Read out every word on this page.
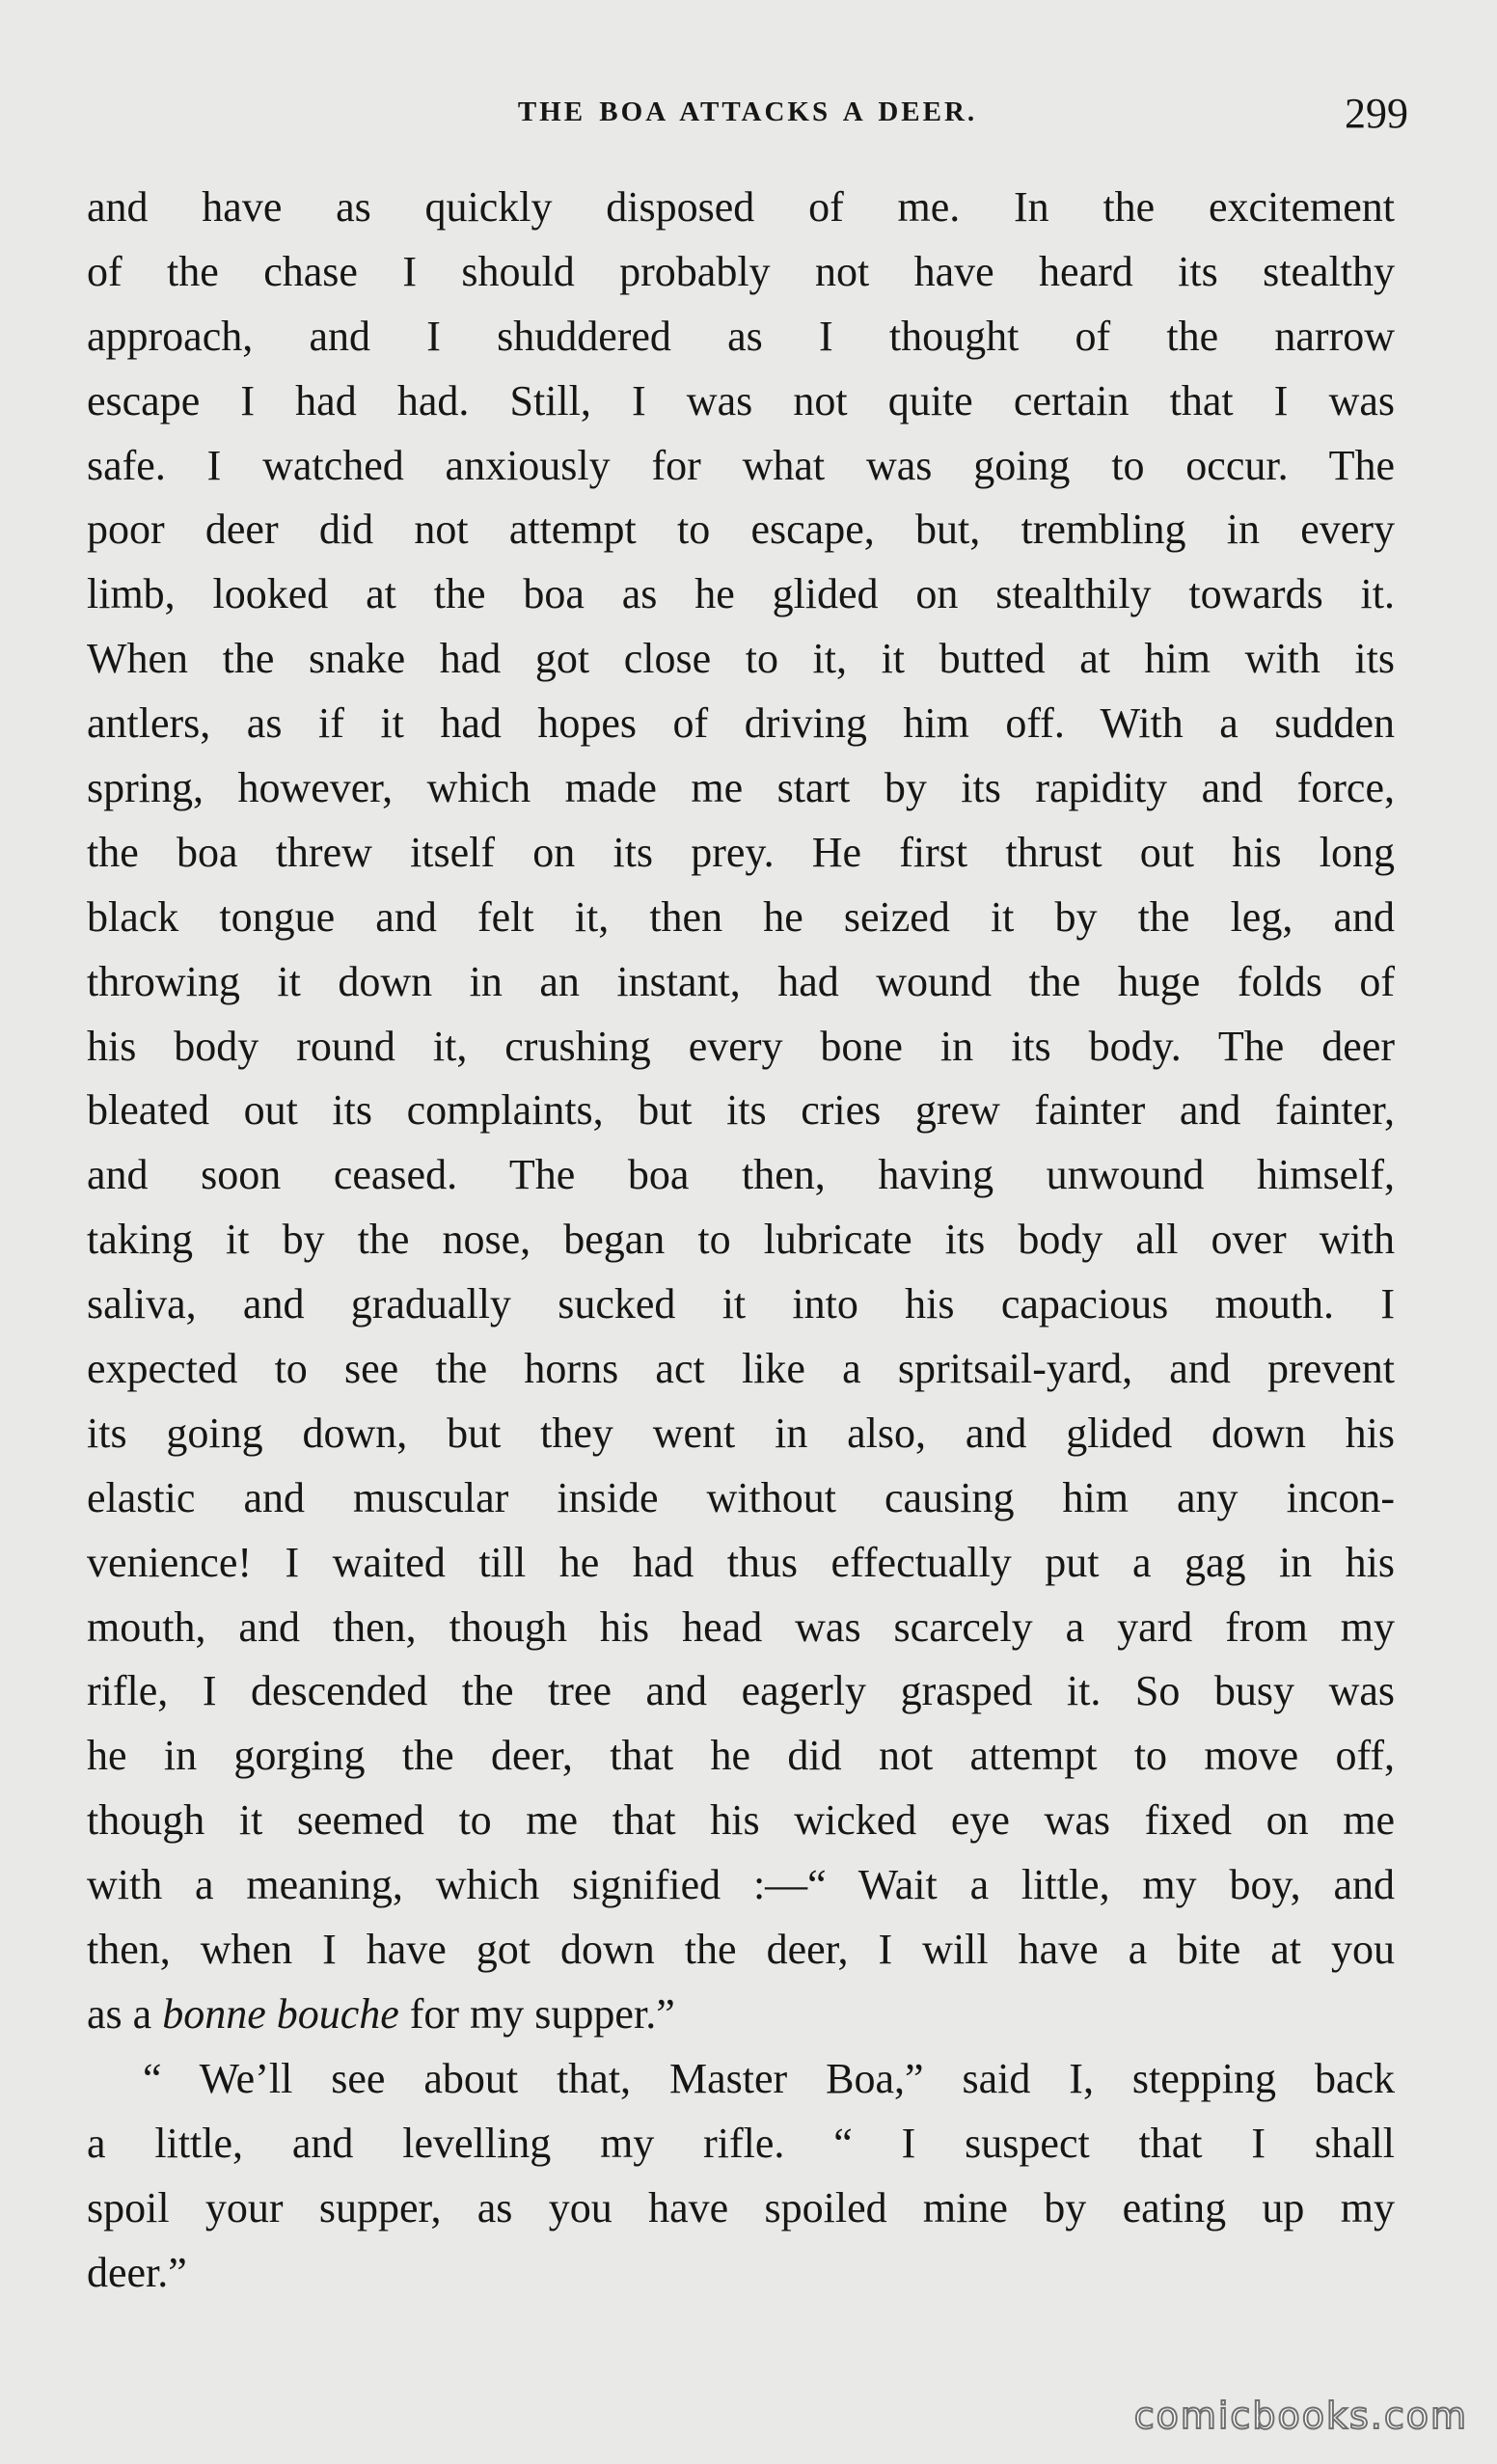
THE BOA ATTACKS A DEER.	299
and have as quickly disposed of me. In the excitement
of the chase I should probably not have heard its stealthy
approach, and I shuddered as I thought of the narrow
escape I had had. Still, I was not quite certain that I was
safe. I watched anxiously for what was going to occur. The
poor deer did not attempt to escape, but, trembling in every
limb, looked at the boa as he glided on stealthily towards it.
When the snake had got close to it, it butted at him with its
antlers, as if it had hopes of driving him off. With a sudden
spring, however, which made me start by its rapidity and force,
the boa threw itself on its prey. He first thrust out his long
black tongue and felt it, then he seized it by the leg, and
throwing it down in an instant, had wound the huge folds of
his body round it, crushing every bone in its body. The deer
bleated out its complaints, but its cries grew fainter and fainter,
and soon ceased. The boa then, having unwound himself,
taking it by the nose, began to lubricate its body all over with
saliva, and gradually sucked it into his capacious mouth. I
expected to see the horns act like a spritsail-yard, and prevent
its going down, but they went in also, and glided down his
elastic and muscular inside without causing him any incon-
venience! I waited till he had thus effectually put a gag in his
mouth, and then, though his head was scarcely a yard from my
rifle, I descended the tree and eagerly grasped it. So busy was
he in gorging the deer, that he did not attempt to move off,
though it seemed to me that his wicked eye was fixed on me
with a meaning, which signified :—“ Wait a little, my boy, and
then, when I have got down the deer, I will have a bite at you
as a bonne bouche for my supper.”
“ We’ll see about that, Master Boa,” said I, stepping back
a little, and levelling my rifle. “ I suspect that I shall
spoil your supper, as you have spoiled mine by eating up my
deer.”
comicbooks.com
